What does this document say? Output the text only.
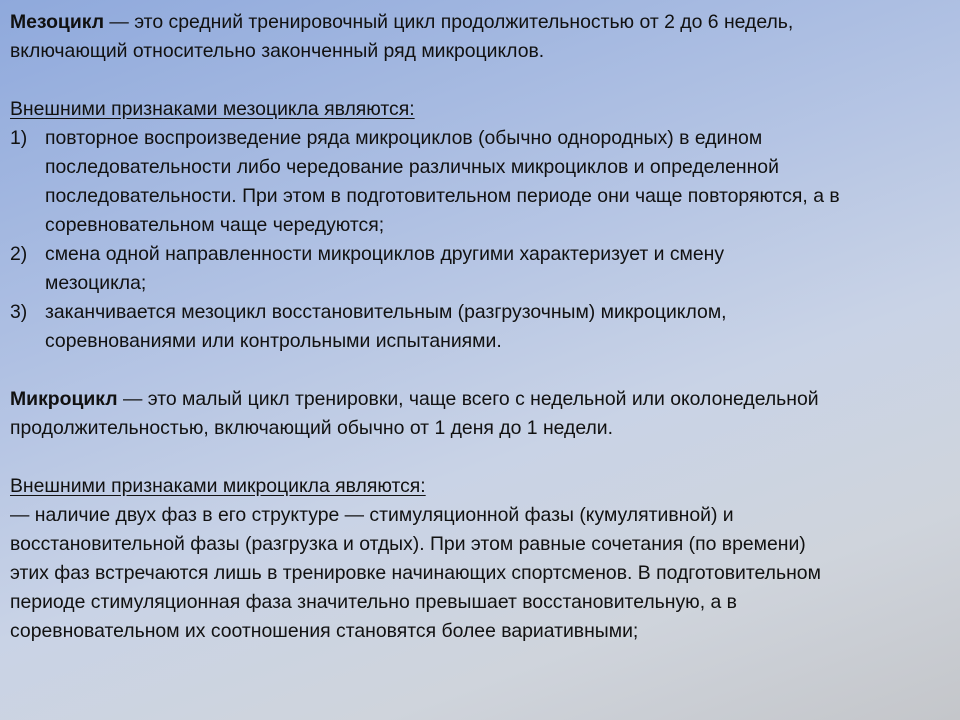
Мезоцикл — это средний тренировочный цикл продолжительностью от 2 до 6 недель,
включающий относительно законченный ряд микроциклов.

Внешними признаками мезоцикла являются:

1) повторное воспроизведение ряда микроциклов (обычно однородных) в едином
последовательности либо чередование различных микроциклов и определенной
последовательности. При этом в подготовительном периоде они чаще повторяются, а в
соревновательном чаще чередуются;
2) смена одной направленности микроциклов другими характеризует и смену
мезоцикла;
3) заканчивается мезоцикл восстановительным (разгрузочным) микроциклом,
соревнованиями или контрольными испытаниями.

Микроцикл — это малый цикл тренировки, чаще всего с недельной или околонедельной
продолжительностью, включающий обычно от 1 деня до 1 недели.

Внешними признаками микроцикла являются:

— наличие двух фаз в его структуре — стимуляционной фазы (кумулятивной) и
восстановительной фазы (разгрузка и отдых). При этом равные сочетания (по времени)
этих фаз встречаются лишь в тренировке начинающих спортсменов. В подготовительном
периоде стимуляционная фаза значительно превышает восстановительную, а в
соревновательном их соотношения становятся более вариативными;
